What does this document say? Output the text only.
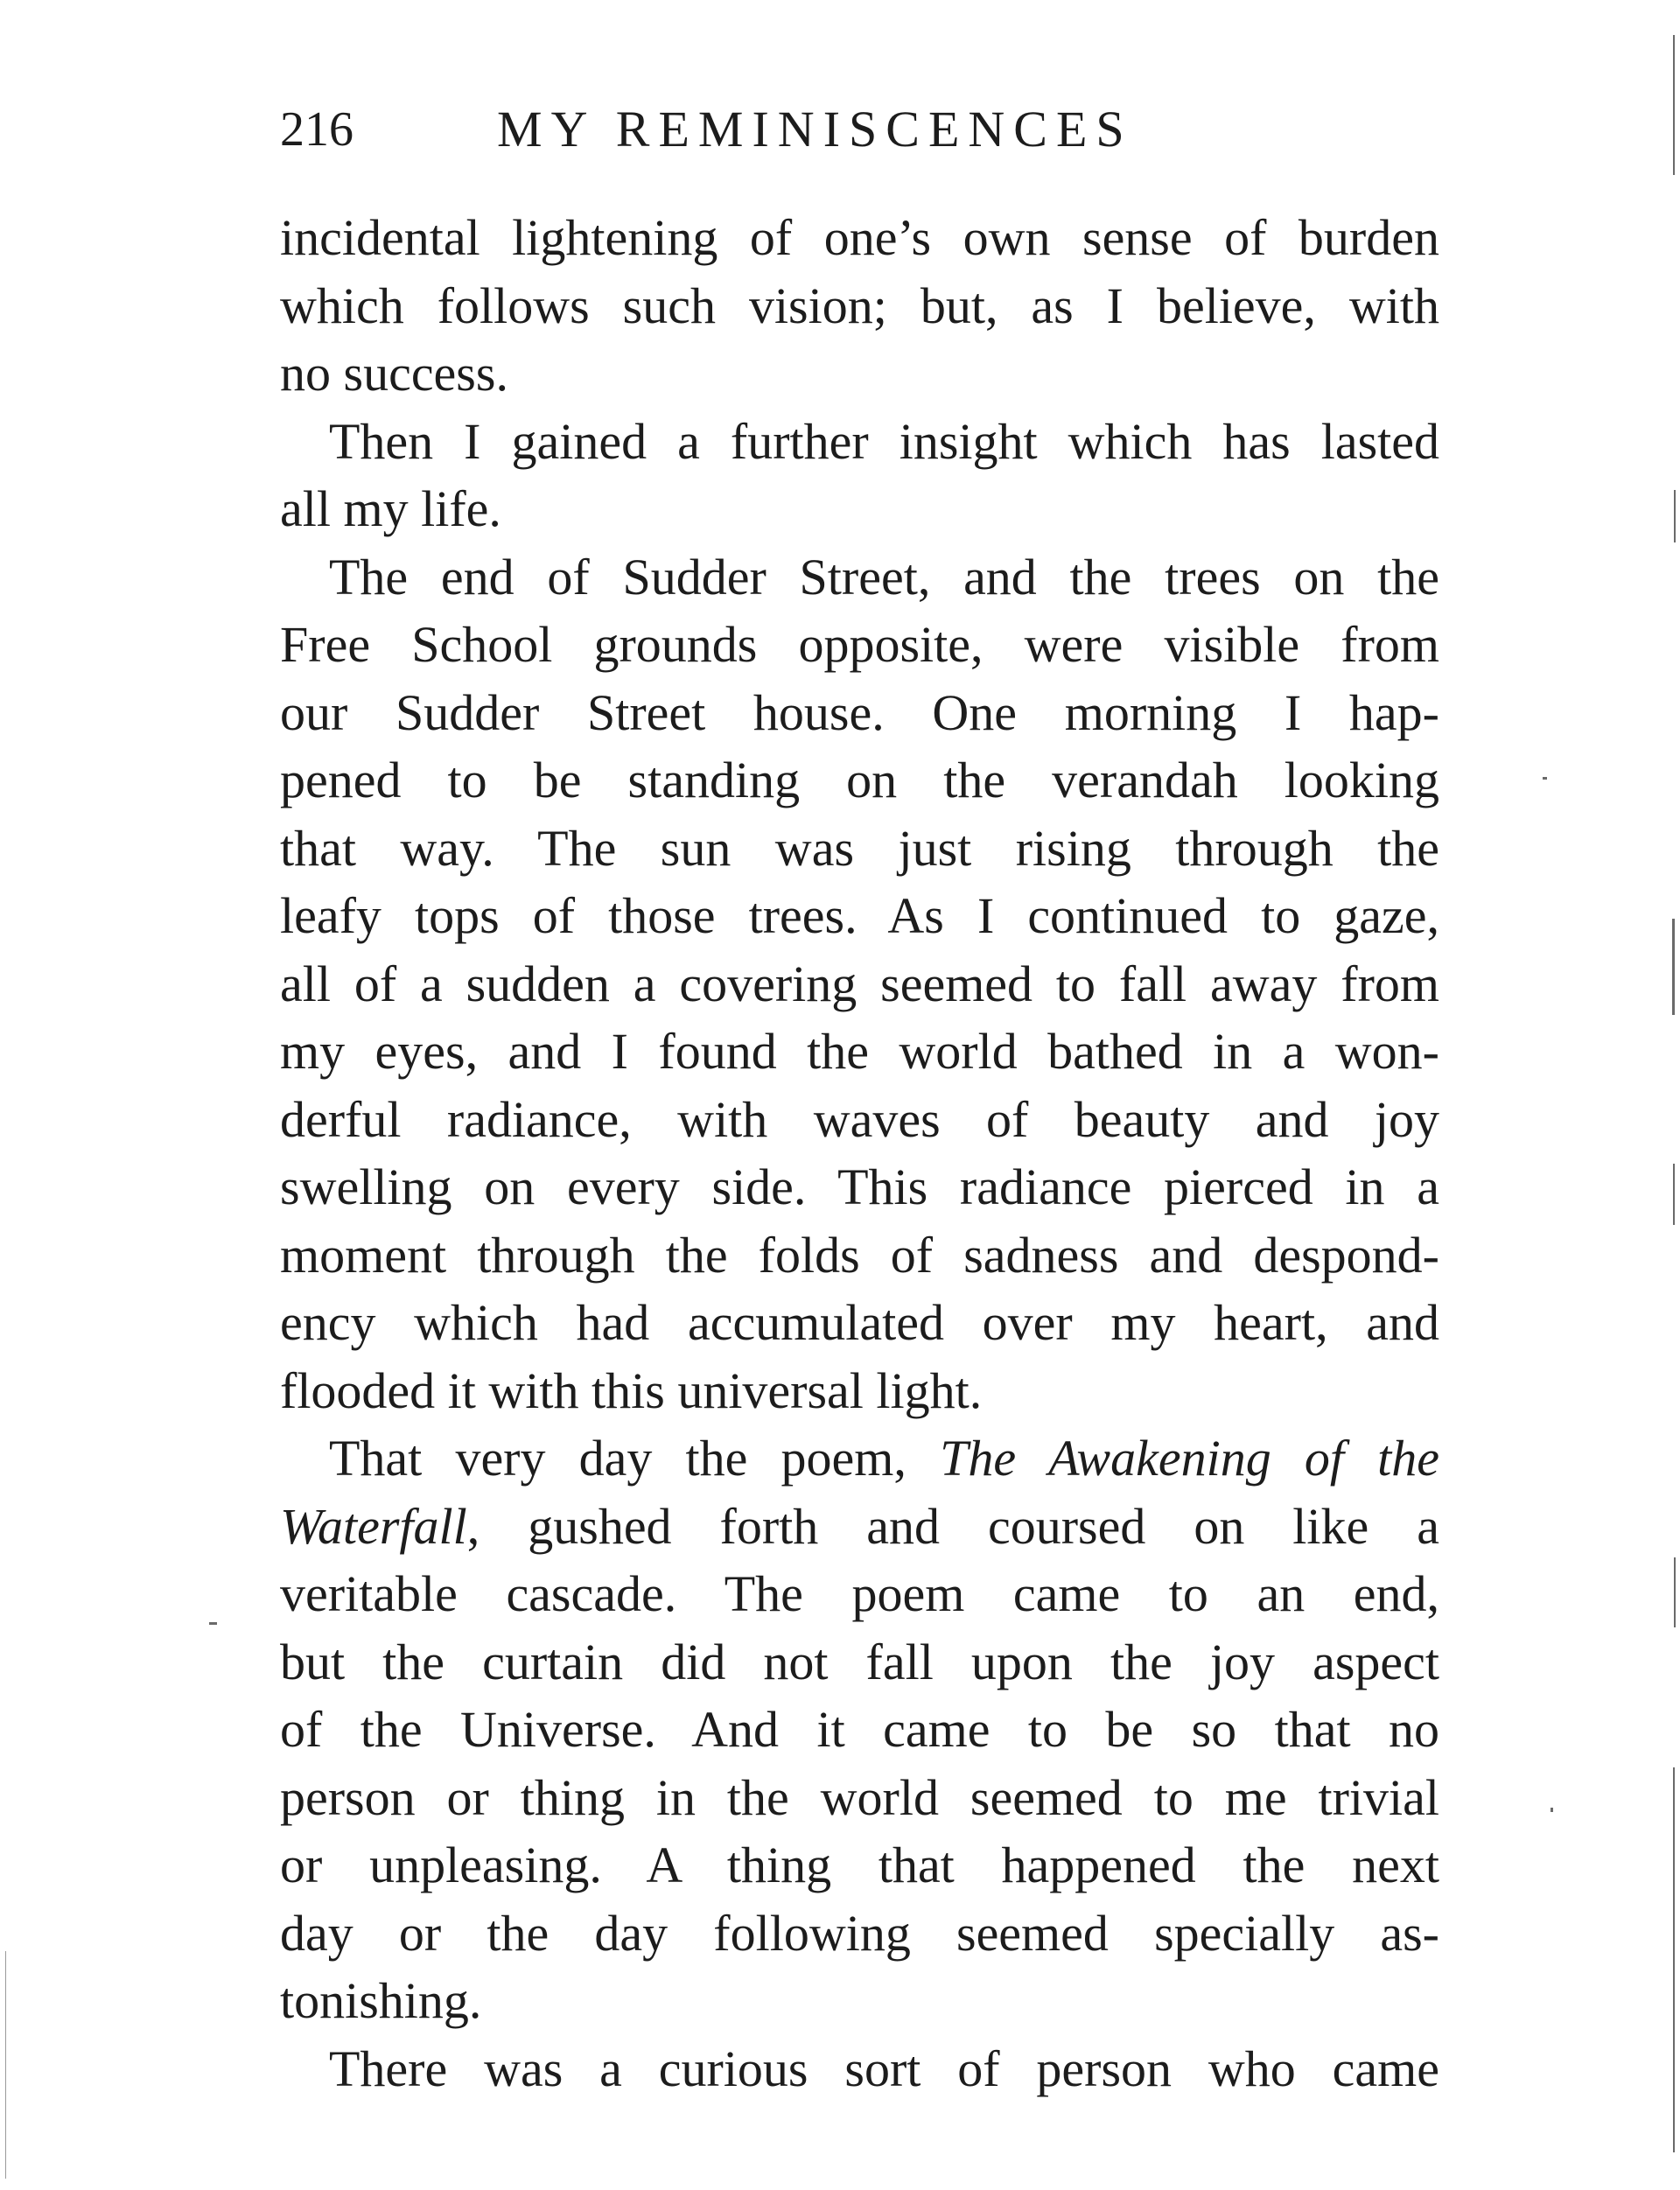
216	MY REMINISCENCES
incidental lightening of one’s own sense of burden
which follows such vision; but, as I believe, with
no success.
Then I gained a further insight which has lasted
all my life.
The end of Sudder Street, and the trees on the
Free School grounds opposite, were visible from
our Sudder Street house. One morning I hap-
pened to be standing on the verandah looking
that way. The sun was just rising through the
leafy tops of those trees. As I continued to gaze,
all of a sudden a covering seemed to fall away from
my eyes, and I found the world bathed in a won-
derful radiance, with waves of beauty and joy
swelling on every side. This radiance pierced in a
moment through the folds of sadness and despond-
ency which had accumulated over my heart, and
flooded it with this universal light.
That very day the poem, The Awakening of the
Waterfall, gushed forth and coursed on like a
veritable cascade. The poem came to an end,
but the curtain did not fall upon the joy aspect
of the Universe. And it came to be so that no
person or thing in the world seemed to me trivial
or unpleasing. A thing that happened the next
day or the day following seemed specially as-
tonishing.
There was a curious sort of person who came
